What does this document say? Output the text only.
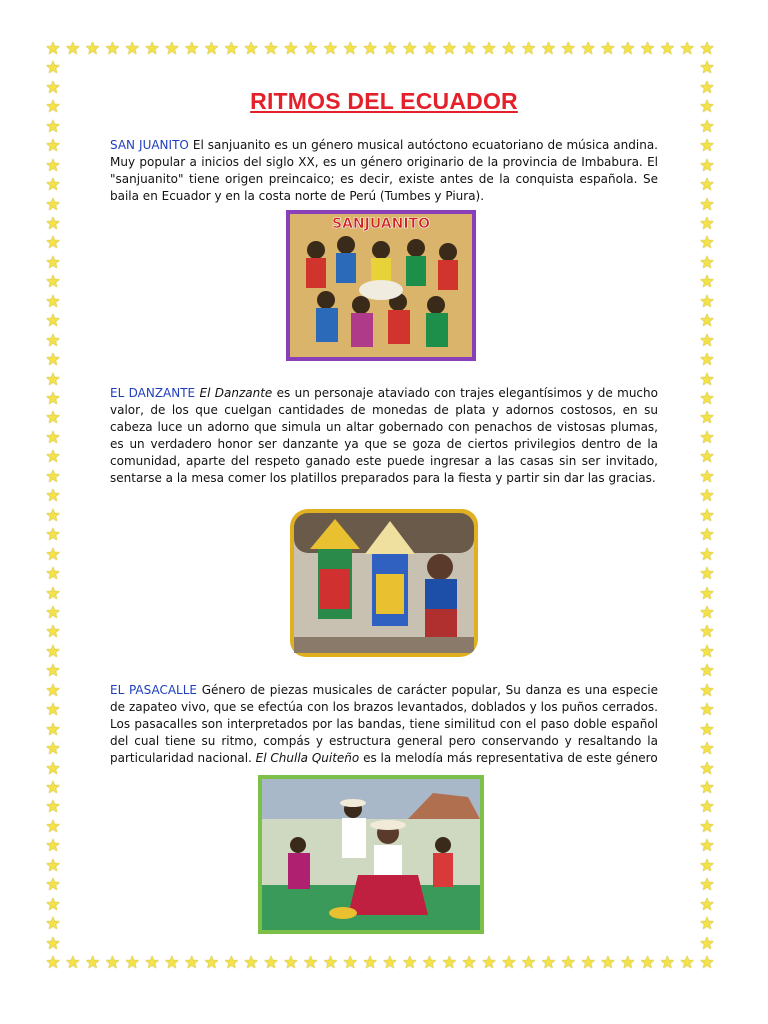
★
★
★
★
★
★
★
★
★
★
★
★
★
★
★
★
★
★
★
★
★
★
★
★
★
★
★
★
★
★
★
★
★
★
★
★
★
★
★
★
★
★
★
★
★
★
★
★
★
★
★
★
★
★
★
★
★
★
★
★
★
★
★
★
★
★
★
★
★	★
★	★
★	★
★	★
★	★
★	★
★	★
★	★
★	★
★	★
★	★
★	★
★	★
★	★
★	★
★	★
★	★
★	★
★	★
★	★
★	★
★	★
★	★
★	★
★	★
★	★
★	★
★	★
★	★
★	★
★	★
★	★
★	★
★	★
★	★
★	★
★	★
★	★
★	★
★	★
★	★
★	★
★	★
★	★
★	★
★	★
RITMOS DEL ECUADOR

SAN JUANITO El sanjuanito es un género musical autóctono ecuatoriano de música andina. Muy popular a inicios del siglo XX, es un género originario de la provincia de Imbabura. El "sanjuanito" tiene origen preincaico; es decir, existe antes de la conquista española. Se baila en Ecuador y en la costa norte de Perú (Tumbes y Piura).

SANJUANITO

EL DANZANTE El Danzante es un personaje ataviado con trajes elegantísimos y de mucho valor, de los que cuelgan cantidades de monedas de plata y adornos costosos, en su cabeza luce un adorno que simula un altar gobernado con penachos de vistosas plumas, es un verdadero honor ser danzante ya que se goza de ciertos privilegios dentro de la comunidad, aparte del respeto ganado este puede ingresar a las casas sin ser invitado, sentarse a la mesa comer los platillos preparados para la fiesta y partir sin dar las gracias.

EL PASACALLE Género de piezas musicales de carácter popular, Su danza es una especie de zapateo vivo, que se efectúa con los brazos levantados, doblados y los puños cerrados. Los pasacalles son interpretados por las bandas, tiene similitud con el paso doble español del cual tiene su ritmo, compás y estructura general pero conservando y resaltando la particularidad nacional. El Chulla Quiteño es la melodía más representativa de este género
